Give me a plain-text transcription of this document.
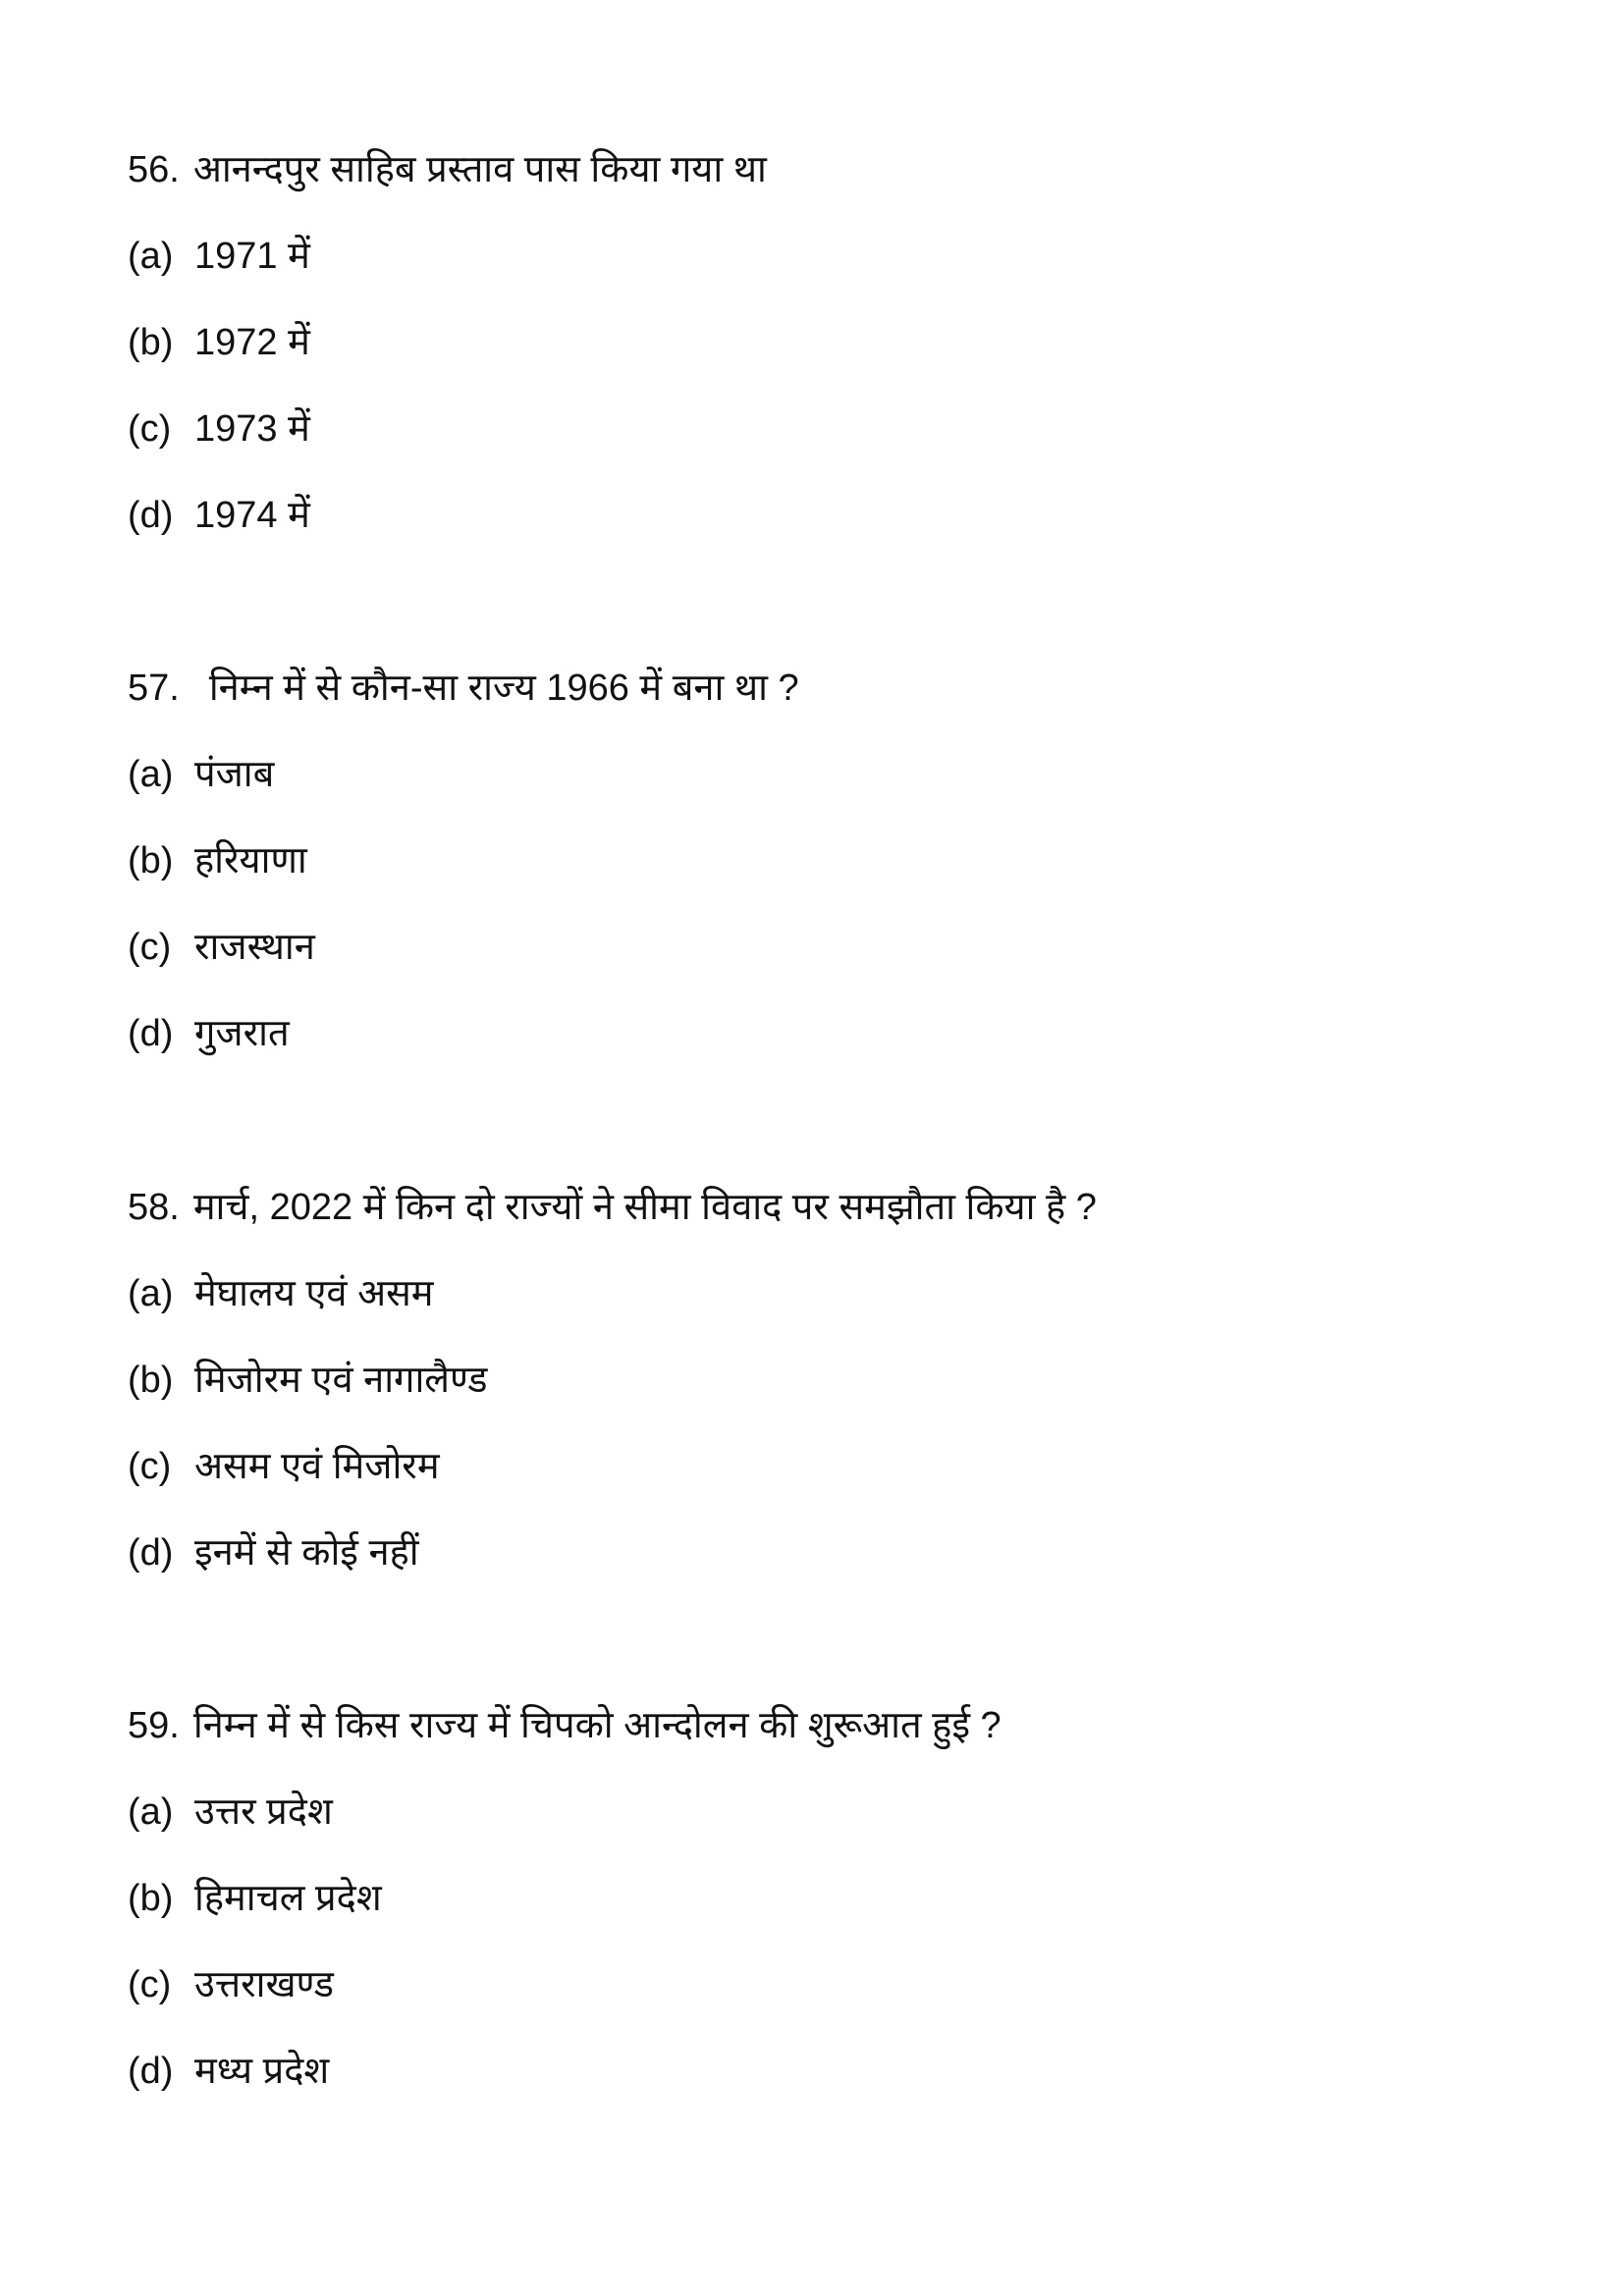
56. आनन्दपुर साहिब प्रस्ताव पास किया गया था
(a) 1971 में
(b) 1972 में
(c) 1973 में
(d) 1974 में
57. निम्न में से कौन-सा राज्य 1966 में बना था ?
(a) पंजाब
(b) हरियाणा
(c) राजस्थान
(d) गुजरात
58. मार्च, 2022 में किन दो राज्यों ने सीमा विवाद पर समझौता किया है ?
(a) मेघालय एवं असम
(b) मिजोरम एवं नागालैण्ड
(c) असम एवं मिजोरम
(d) इनमें से कोई नहीं
59. निम्न में से किस राज्य में चिपको आन्दोलन की शुरूआत हुई ?
(a) उत्तर प्रदेश
(b) हिमाचल प्रदेश
(c) उत्तराखण्ड
(d) मध्य प्रदेश
